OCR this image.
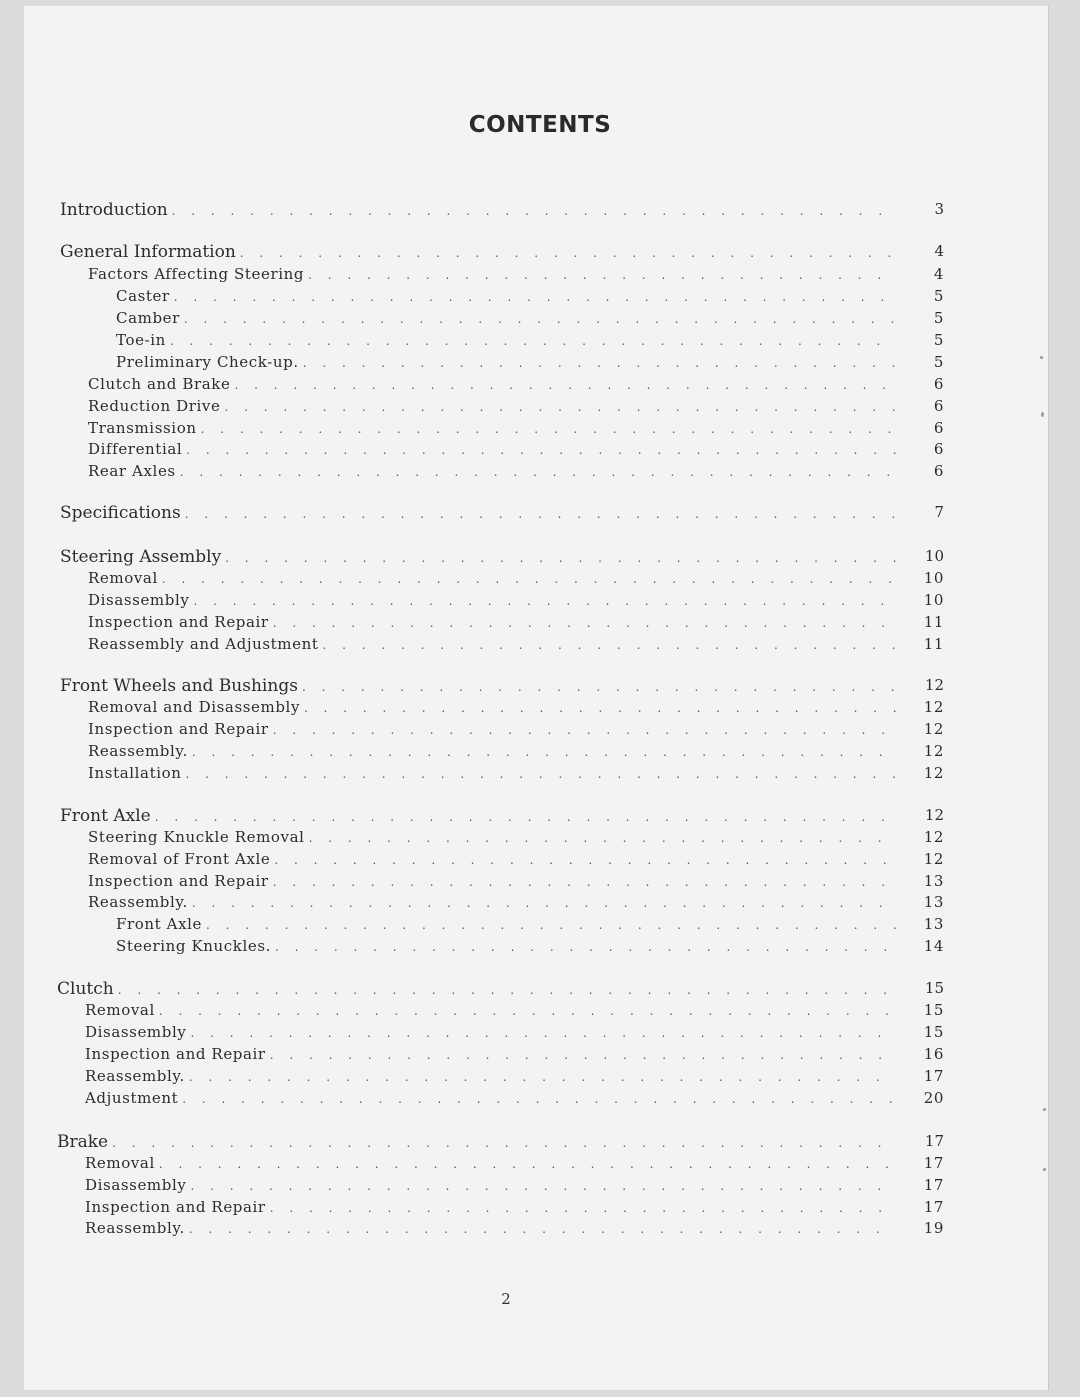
CONTENTS
Introduction . . .	3
General Information . . .	4
Factors Affecting Steering . . .	4
Caster . . .	5
Camber . . .	5
Toe-in . . .	5
Preliminary Check-up. . . .	5
Clutch and Brake . . .	6
Reduction Drive . . .	6
Transmission . . .	6
Differential . . .	6
Rear Axles . . .	6
Specifications . . .	7
Steering Assembly . . .	10
Removal . . .	10
Disassembly . . .	10
Inspection and Repair . . .	11
Reassembly and Adjustment . . .	11
Front Wheels and Bushings . . .	12
Removal and Disassembly . . .	12
Inspection and Repair . . .	12
Reassembly. . . .	12
Installation . . .	12
Front Axle . . .	12
Steering Knuckle Removal . . .	12
Removal of Front Axle . . .	12
Inspection and Repair . . .	13
Reassembly. . . .	13
Front Axle . . .	13
Steering Knuckles. . . .	14
Clutch . . .	15
Removal . . .	15
Disassembly . . .	15
Inspection and Repair . . .	16
Reassembly. . . .	17
Adjustment . . .	20
Brake . . .	17
Removal . . .	17
Disassembly . . .	17
Inspection and Repair . . .	17
Reassembly. . . .	19
2
